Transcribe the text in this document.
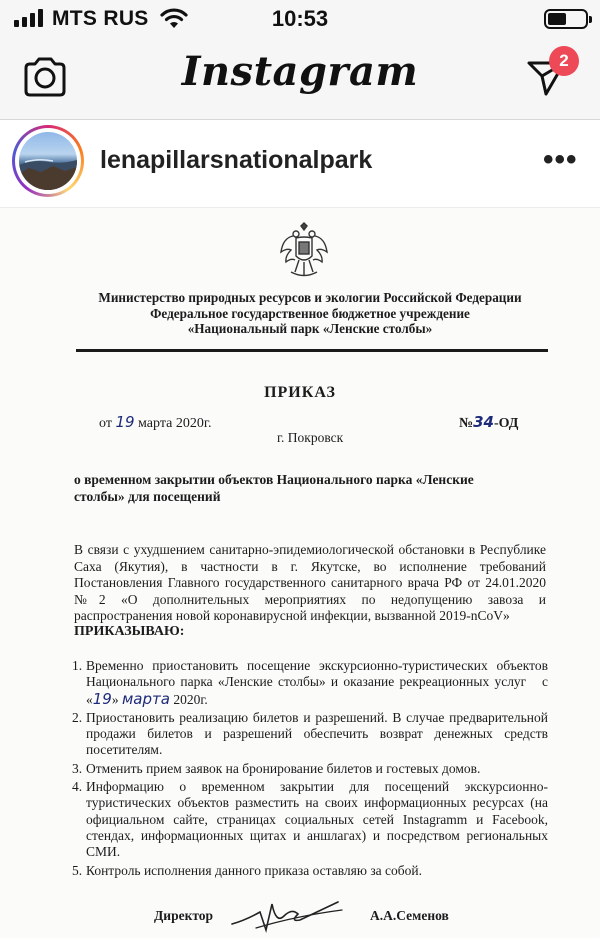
MTS RUS	10:53
Instagram	2
lenapillarsnationalpark	•••
Министерство природных ресурсов и экологии Российской Федерации
Федеральное государственное бюджетное учреждение
«Национальный парк «Ленские столбы»
ПРИКАЗ
от 19 марта 2020г.	№34-ОД
г. Покровск
о временном закрытии объектов Национального парка «Ленские столбы» для посещений
В связи с ухудшением санитарно-эпидемиологической обстановки в Республике Саха (Якутия), в частности в г. Якутске, во исполнение требований Постановления Главного государственного санитарного врача РФ от 24.01.2020 №2 «О дополнительных мероприятиях по недопущению завоза и распространения новой коронавирусной инфекции, вызванной 2019-nCoV»
ПРИКАЗЫВАЮ:
1. Временно приостановить посещение экскурсионно-туристических объектов Национального парка «Ленские столбы» и оказание рекреационных услуг с «19» марта 2020г.
2. Приостановить реализацию билетов и разрешений. В случае предварительной продажи билетов и разрешений обеспечить возврат денежных средств посетителям.
3. Отменить прием заявок на бронирование билетов и гостевых домов.
4. Информацию о временном закрытии для посещений экскурсионно-туристических объектов разместить на своих информационных ресурсах (на официальном сайте, страницах социальных сетей Instagramm и Facebook, стендах, информационных щитах и аншлагах) и посредством региональных СМИ.
5. Контроль исполнения данного приказа оставляю за собой.
Директор	А.А.Семенов
